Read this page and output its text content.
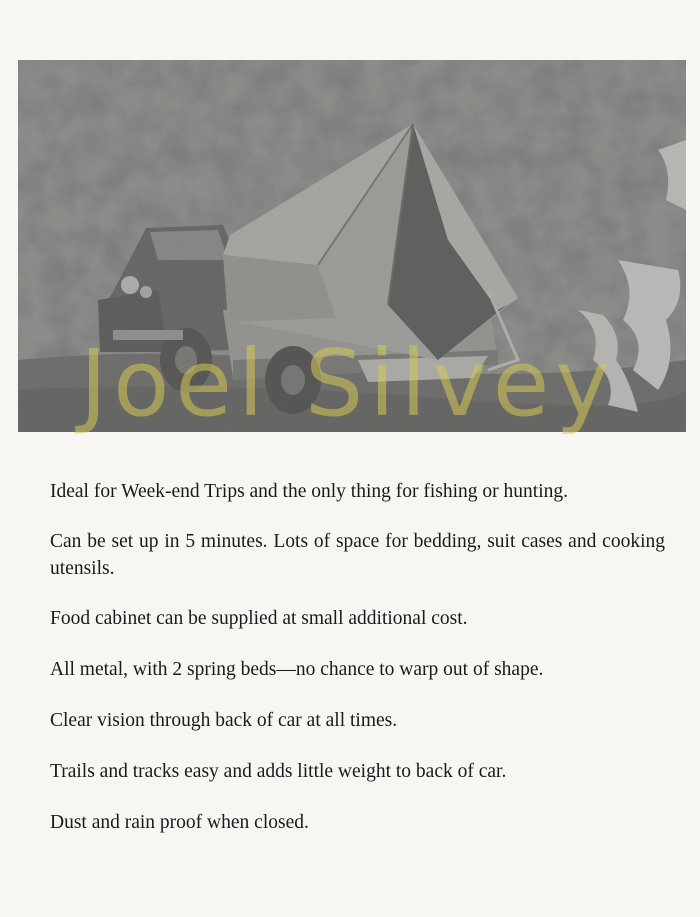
Joel Silvey

Ideal for Week-end Trips and the only thing for fishing or hunting.

Can be set up in 5 minutes. Lots of space for bedding, suit cases and cooking utensils.

Food cabinet can be supplied at small additional cost.

All metal, with 2 spring beds—no chance to warp out of shape.

Clear vision through back of car at all times.

Trails and tracks easy and adds little weight to back of car.

Dust and rain proof when closed.
